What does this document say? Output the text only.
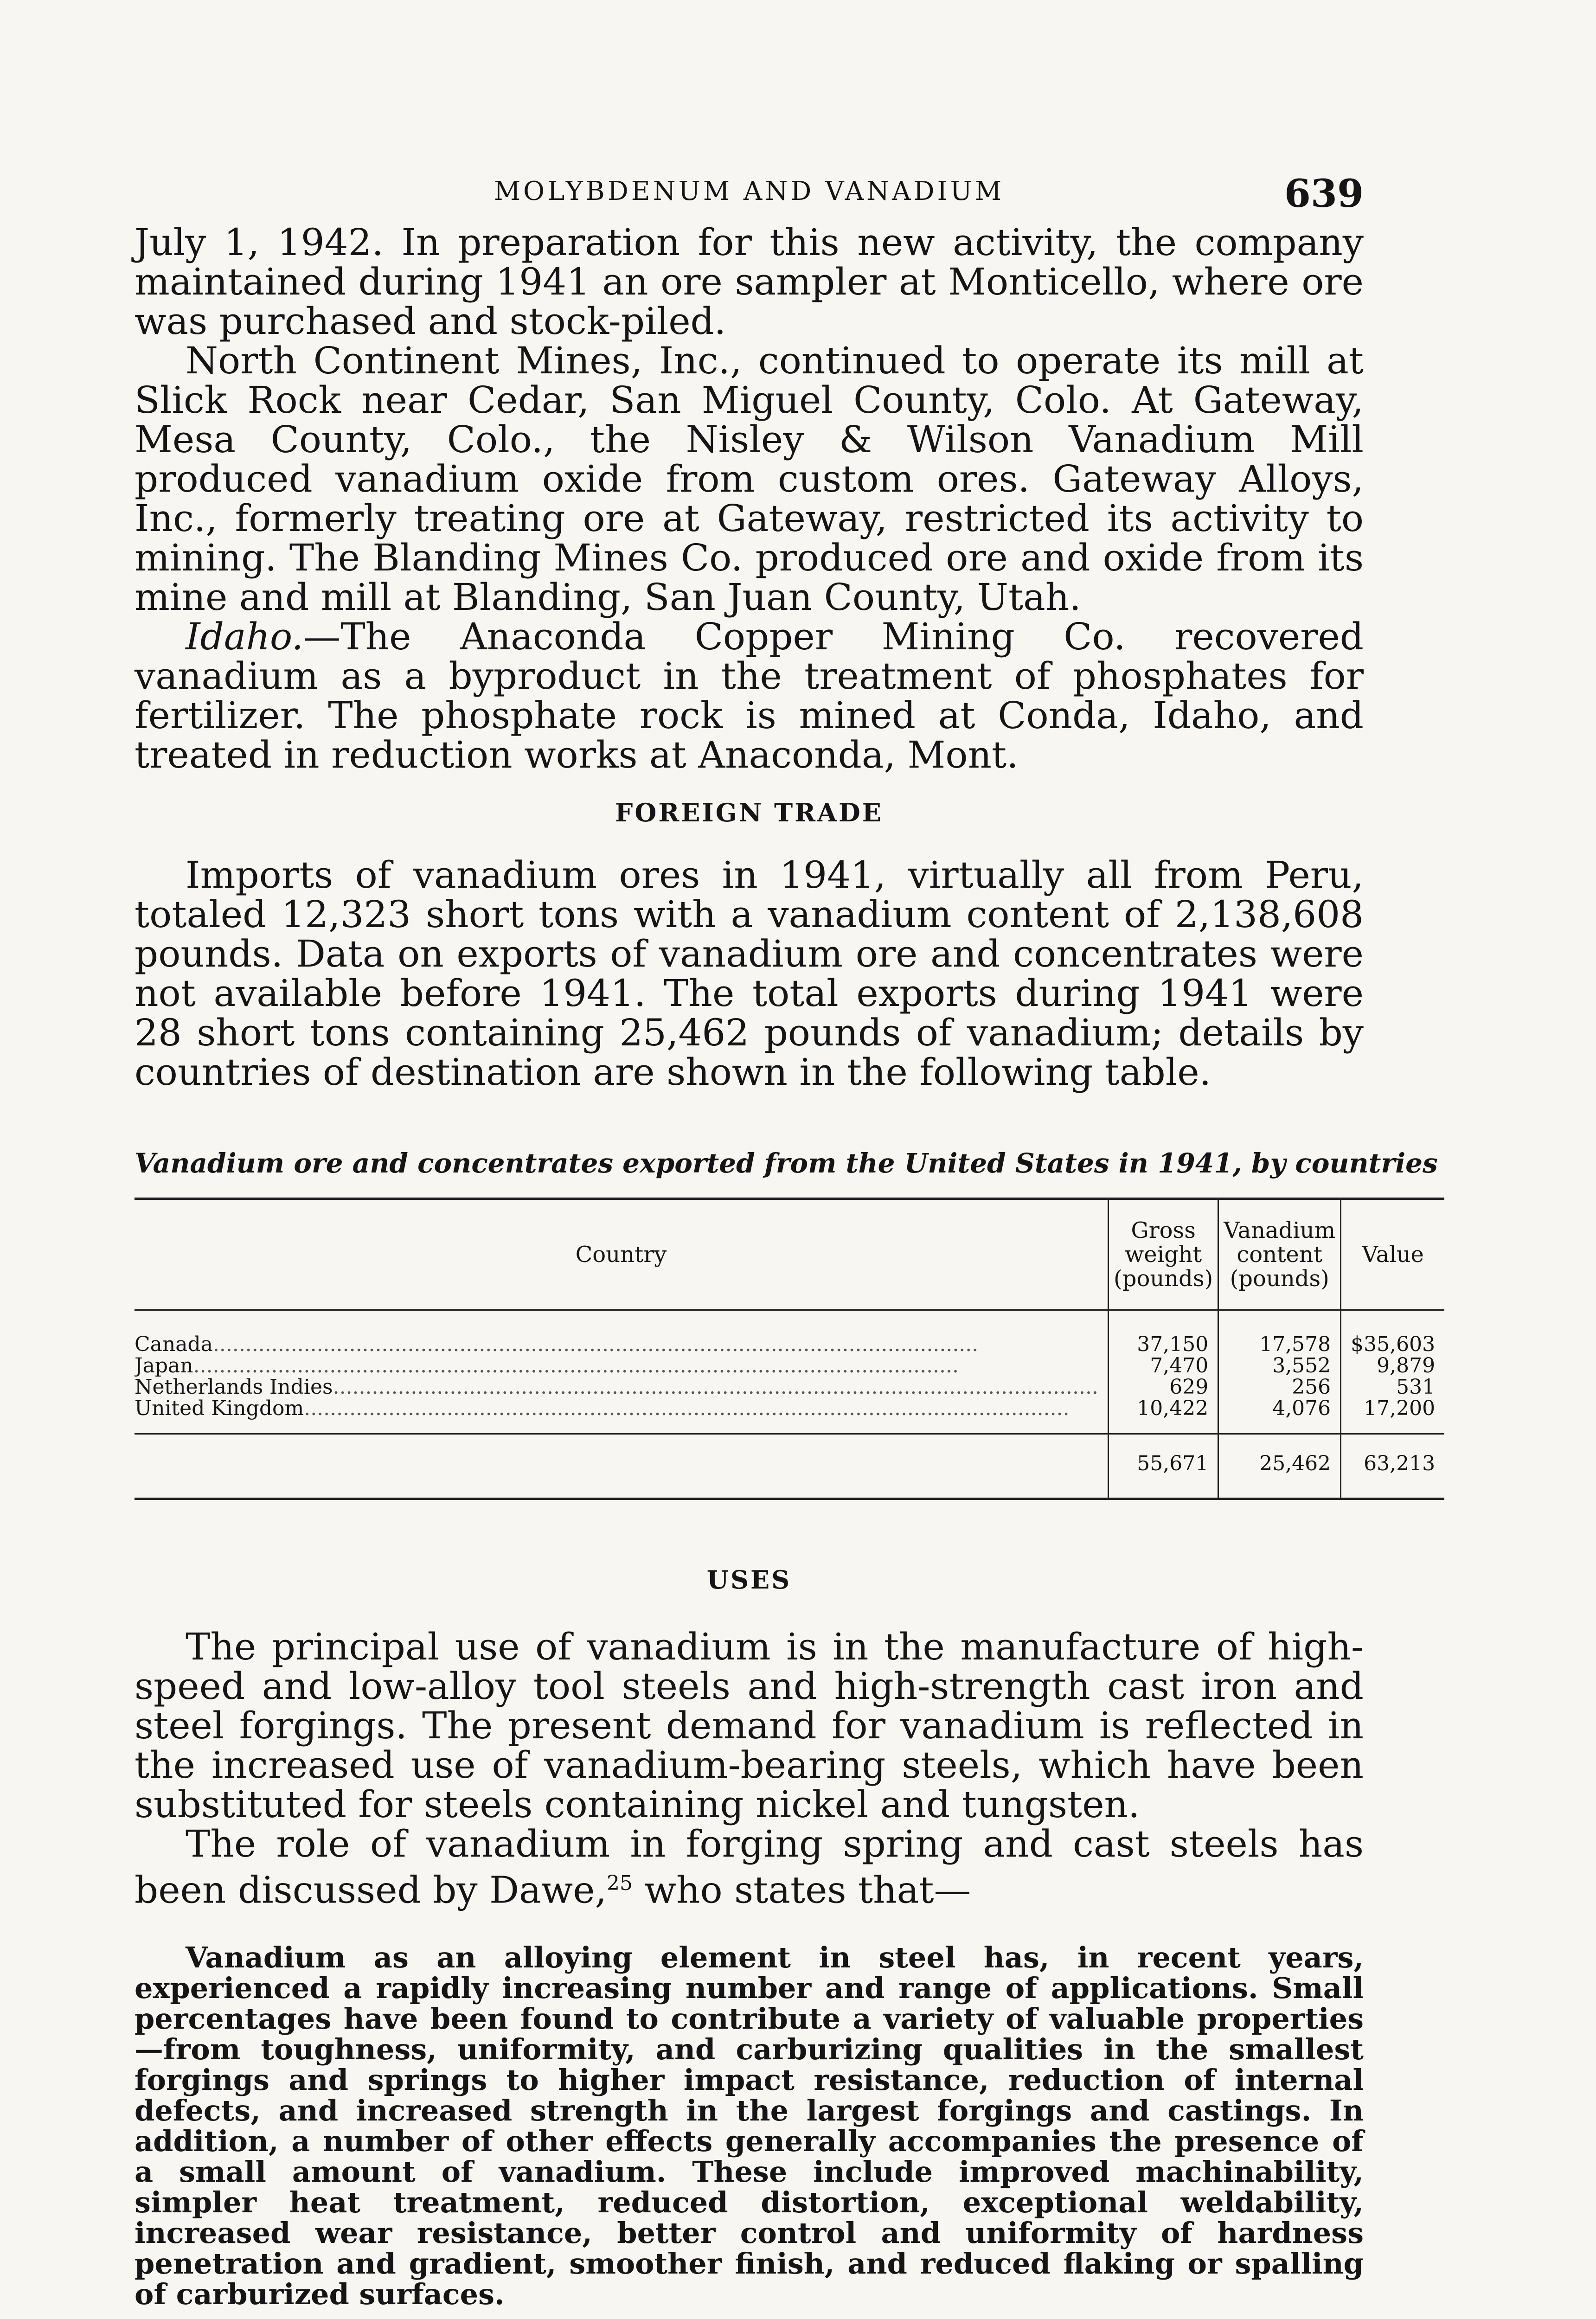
MOLYBDENUM AND VANADIUM	639

July 1, 1942. In preparation for this new activity, the company maintained during 1941 an ore sampler at Monticello, where ore was purchased and stock-piled.

North Continent Mines, Inc., continued to operate its mill at Slick Rock near Cedar, San Miguel County, Colo. At Gateway, Mesa County, Colo., the Nisley & Wilson Vanadium Mill produced vanadium oxide from custom ores. Gateway Alloys, Inc., formerly treating ore at Gateway, restricted its activity to mining. The Blanding Mines Co. produced ore and oxide from its mine and mill at Blanding, San Juan County, Utah.

Idaho.—The Anaconda Copper Mining Co. recovered vanadium as a byproduct in the treatment of phosphates for fertilizer. The phosphate rock is mined at Conda, Idaho, and treated in reduction works at Anaconda, Mont.

FOREIGN TRADE

Imports of vanadium ores in 1941, virtually all from Peru, totaled 12,323 short tons with a vanadium content of 2,138,608 pounds. Data on exports of vanadium ore and concentrates were not available before 1941. The total exports during 1941 were 28 short tons containing 25,462 pounds of vanadium; details by countries of destination are shown in the following table.

Vanadium ore and concentrates exported from the United States in 1941, by countries
Country	Gross weight (pounds)	Vanadium content (pounds)	Value
Canada......................................................................................................................	37,150	17,578	$35,603
Japan......................................................................................................................	7,470	3,552	9,879
Netherlands Indies......................................................................................................................	629	256	531
United Kingdom......................................................................................................................	10,422	4,076	17,200
	55,671	25,462	63,213
USES

The principal use of vanadium is in the manufacture of high-speed and low-alloy tool steels and high-strength cast iron and steel forgings. The present demand for vanadium is reflected in the increased use of vanadium-bearing steels, which have been substituted for steels containing nickel and tungsten.

The role of vanadium in forging spring and cast steels has been discussed by Dawe,$^{25}$ who states that—

Vanadium as an alloying element in steel has, in recent years, experienced a rapidly increasing number and range of applications. Small percentages have been found to contribute a variety of valuable properties—from toughness, uniformity, and carburizing qualities in the smallest forgings and springs to higher impact resistance, reduction of internal defects, and increased strength in the largest forgings and castings. In addition, a number of other effects generally accompanies the presence of a small amount of vanadium. These include improved machinability, simpler heat treatment, reduced distortion, exceptional weldability, increased wear resistance, better control and uniformity of hardness penetration and gradient, smoother finish, and reduced flaking or spalling of carburized surfaces.
